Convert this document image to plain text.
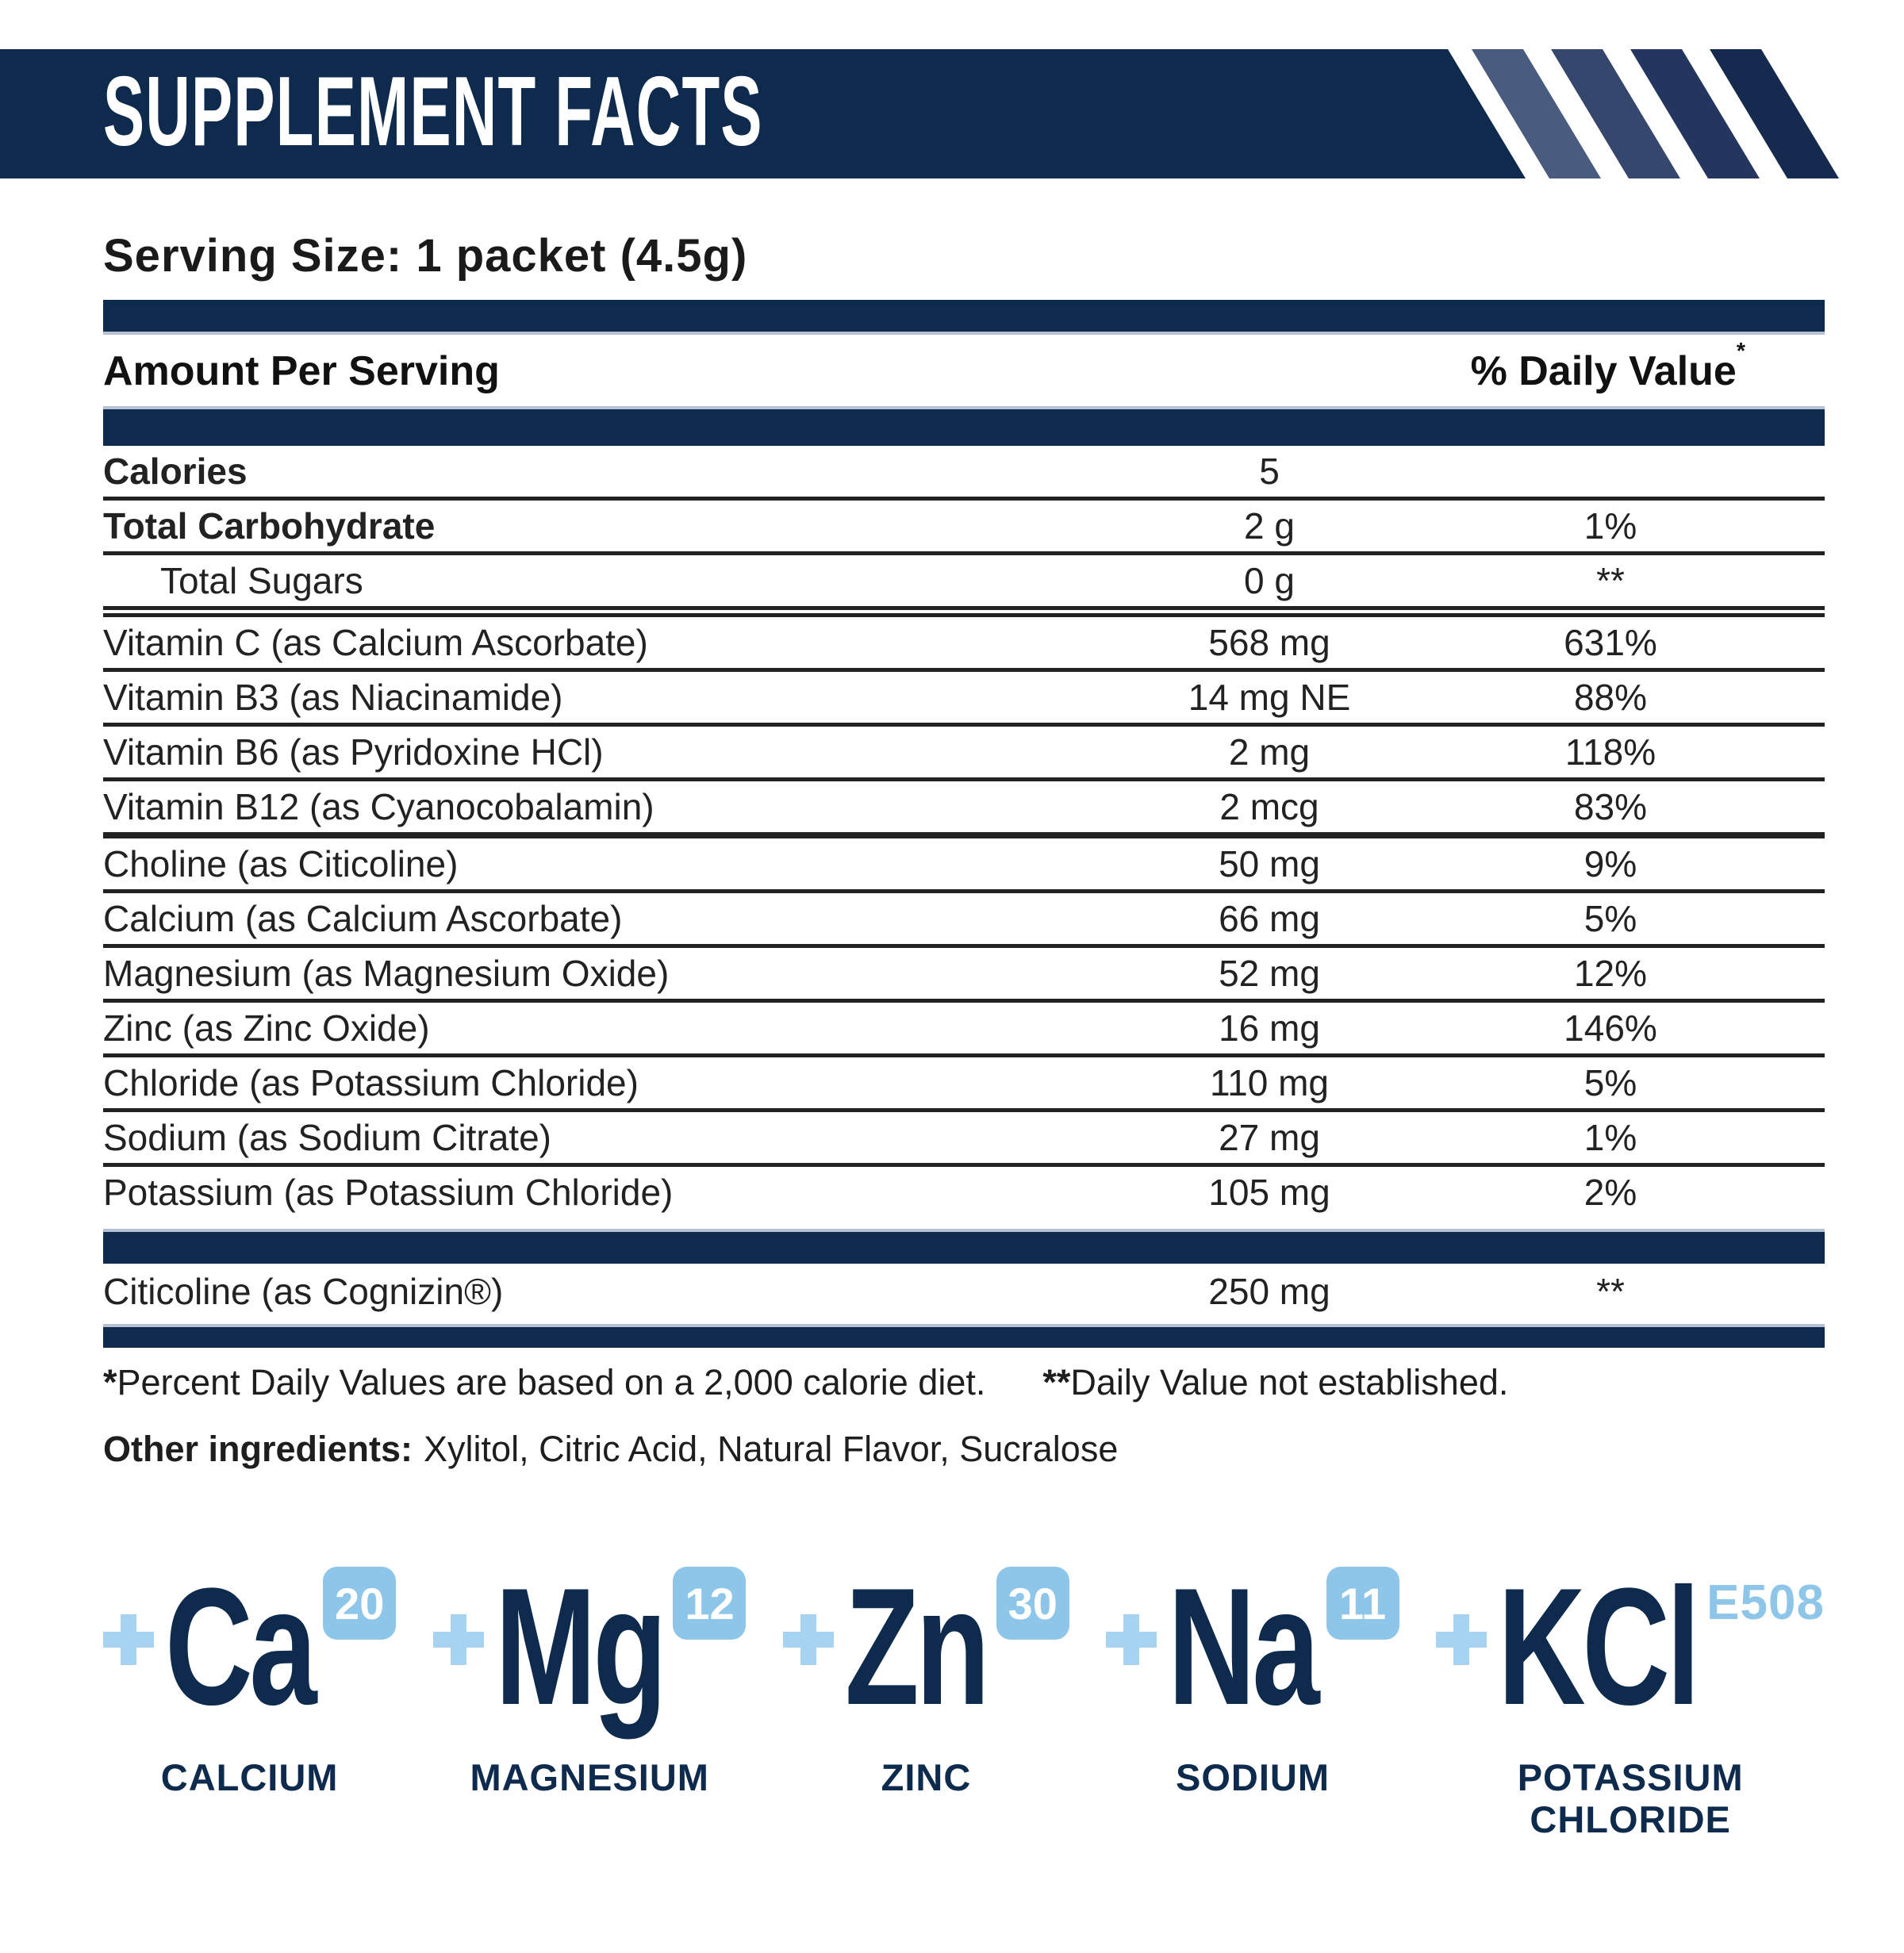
SUPPLEMENT FACTS
Serving Size: 1 packet (4.5g)
Amount Per Serving	% Daily Value*
Calories	5
Total Carbohydrate	2 g	1%
Total Sugars	0 g	**
Vitamin C (as Calcium Ascorbate)	568 mg	631%
Vitamin B3 (as Niacinamide)	14 mg NE	88%
Vitamin B6 (as Pyridoxine HCl)	2 mg	118%
Vitamin B12 (as Cyanocobalamin)	2 mcg	83%
Choline (as Citicoline)	50 mg	9%
Calcium (as Calcium Ascorbate)	66 mg	5%
Magnesium (as Magnesium Oxide)	52 mg	12%
Zinc (as Zinc Oxide)	16 mg	146%
Chloride (as Potassium Chloride)	110 mg	5%
Sodium (as Sodium Citrate)	27 mg	1%
Potassium (as Potassium Chloride)	105 mg	2%
Citicoline (as Cognizin®)	250 mg	**
*Percent Daily Values are based on a 2,000 calorie diet. **Daily Value not established.
Other ingredients: Xylitol, Citric Acid, Natural Flavor, Sucralose
Ca 20
CALCIUM
Mg 12
MAGNESIUM
Zn 30
ZINC
Na 11
SODIUM
KCl E508
POTASSIUM
CHLORIDE
